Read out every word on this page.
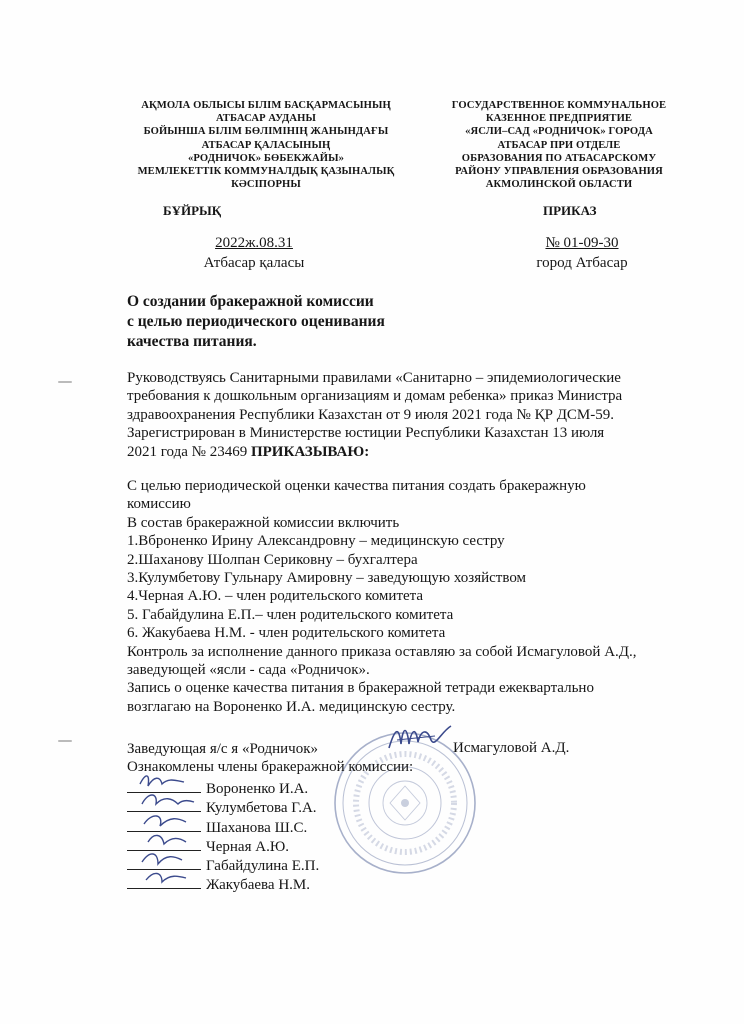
АҚМОЛА ОБЛЫСЫ БІЛІМ БАСҚАРМАСЫНЫҢ
АТБАСАР АУДАНЫ
БОЙЫНША БІЛІМ БӨЛІМІНІҢ ЖАНЫНДАҒЫ
АТБАСАР ҚАЛАСЫНЫҢ
«РОДНИЧОК» БӨБЕКЖАЙЫ»
МЕМЛЕКЕТТІК КОММУНАЛДЫҚ ҚАЗЫНАЛЫҚ
КӘСІПОРНЫ
ГОСУДАРСТВЕННОЕ КОММУНАЛЬНОЕ
КАЗЕННОЕ ПРЕДПРИЯТИЕ
«ЯСЛИ–САД «РОДНИЧОК» ГОРОДА
АТБАСАР ПРИ ОТДЕЛЕ
ОБРАЗОВАНИЯ ПО АТБАСАРСКОМУ
РАЙОНУ УПРАВЛЕНИЯ ОБРАЗОВАНИЯ
АКМОЛИНСКОЙ ОБЛАСТИ
БҰЙРЫҚ	ПРИКАЗ
2022ж.08.31
Атбасар қаласы
№ 01-09-30
город Атбасар
О создании бракеражной комиссии
с целью периодического оценивания
качества питания.
Руководствуясь Санитарными правилами «Санитарно – эпидемиологические
требования к дошкольным организациям и домам ребенка» приказ Министра
здравоохранения Республики Казахстан от 9 июля 2021 года № ҚР ДСМ-59.
Зарегистрирован в Министерстве юстиции Республики Казахстан 13 июля
2021 года № 23469 ПРИКАЗЫВАЮ:
С целью периодической оценки качества питания создать бракеражную
комиссию
В состав бракеражной комиссии включить
1.Вброненко Ирину Александровну – медицинскую сестру
2.Шаханову Шолпан Сериковну – бухгалтера
3.Кулумбетову Гульнару Амировну – заведующую хозяйством
4.Черная А.Ю. – член родительского комитета
5. Габайдулина Е.П.– член родительского комитета
6. Жакубаева Н.М. - член родительского комитета
Контроль за исполнение данного приказа оставляю за собой Исмагуловой А.Д.,
заведующей «ясли - сада «Родничок».
Запись о оценке качества питания в бракеражной тетради ежеквартально
возглагаю на Вороненко И.А. медицинскую сестру.
Заведующая я/с я «Родничок»
Ознакомлены члены бракеражной комиссии:
Исмагуловой А.Д.
Вороненко И.А.
Кулумбетова Г.А.
Шаханова Ш.С.
Черная А.Ю.
Габайдулина Е.П.
Жакубаева Н.М.
